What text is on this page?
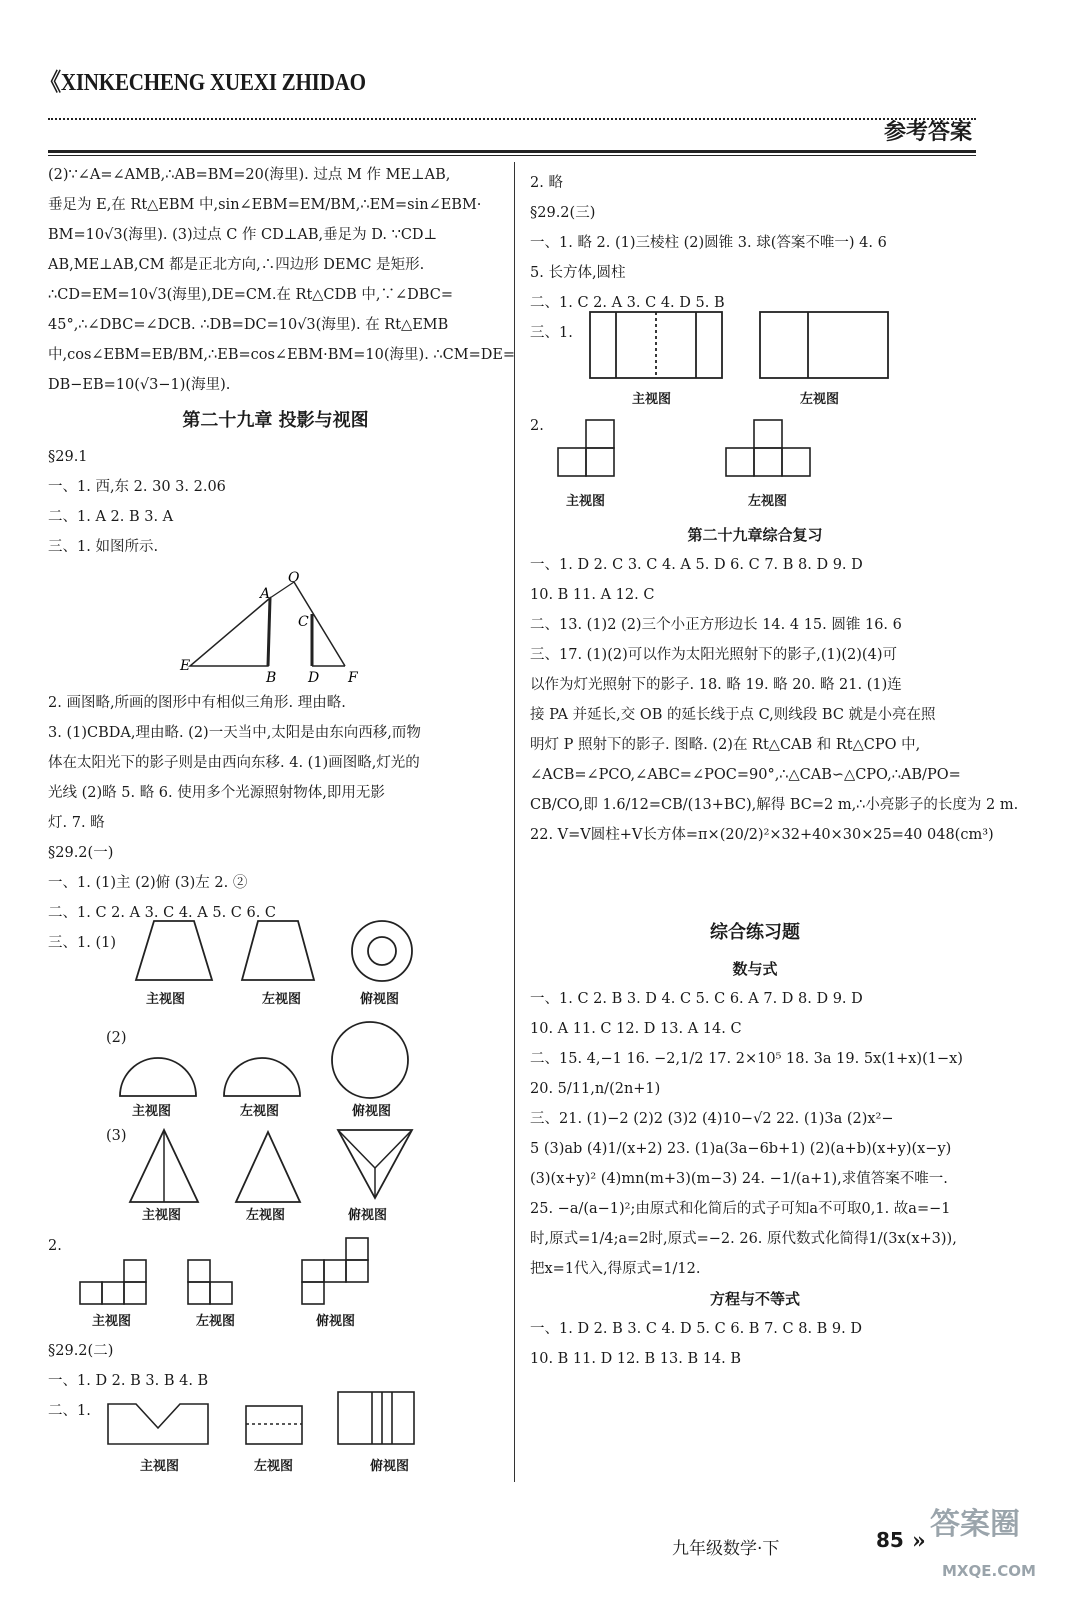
《XINKECHENG XUEXI ZHIDAO
参考答案
(2)∵∠A=∠AMB,∴AB=BM=20(海里). 过点 M 作 ME⊥AB,
垂足为 E,在 Rt△EBM 中,sin∠EBM=EM/BM,∴EM=sin∠EBM·
BM=10√3(海里). (3)过点 C 作 CD⊥AB,垂足为 D. ∵CD⊥
AB,ME⊥AB,CM 都是正北方向,∴四边形 DEMC 是矩形.
∴CD=EM=10√3(海里),DE=CM.在 Rt△CDB 中,∵∠DBC=
45°,∴∠DBC=∠DCB. ∴DB=DC=10√3(海里). 在 Rt△EMB
中,cos∠EBM=EB/BM,∴EB=cos∠EBM·BM=10(海里). ∴CM=DE=
DB−EB=10(√3−1)(海里).
第二十九章 投影与视图
§29.1
一、1. 西,东 2. 30 3. 2.06
二、1. A 2. B 3. A
三、1. 如图所示.
O
A
B
C
D
E
F
2. 画图略,所画的图形中有相似三角形. 理由略.
3. (1)CBDA,理由略. (2)一天当中,太阳是由东向西移,而物
体在太阳光下的影子则是由西向东移. 4. (1)画图略,灯光的
光线 (2)略 5. 略 6. 使用多个光源照射物体,即用无影
灯. 7. 略
§29.2(一)
一、1. (1)主 (2)俯 (3)左 2. ②
二、1. C 2. A 3. C 4. A 5. C 6. C
三、1. (1)
主视图	左视图	俯视图
(2)
主视图	左视图	俯视图
(3)
主视图	左视图	俯视图
2.
主视图	左视图	俯视图
§29.2(二)
一、1. D 2. B 3. B 4. B
二、1.
主视图	左视图	俯视图
2. 略
§29.2(三)
一、1. 略 2. (1)三棱柱 (2)圆锥 3. 球(答案不唯一) 4. 6
5. 长方体,圆柱
二、1. C 2. A 3. C 4. D 5. B
三、1.
主视图	左视图
2.
主视图	左视图
第二十九章综合复习
一、1. D 2. C 3. C 4. A 5. D 6. C 7. B 8. D 9. D
10. B 11. A 12. C
二、13. (1)2 (2)三个小正方形边长 14. 4 15. 圆锥 16. 6
三、17. (1)(2)可以作为太阳光照射下的影子,(1)(2)(4)可
以作为灯光照射下的影子. 18. 略 19. 略 20. 略 21. (1)连
接 PA 并延长,交 OB 的延长线于点 C,则线段 BC 就是小亮在照
明灯 P 照射下的影子. 图略. (2)在 Rt△CAB 和 Rt△CPO 中,
∠ACB=∠PCO,∠ABC=∠POC=90°,∴△CAB∽△CPO,∴AB/PO=
CB/CO,即 1.6/12=CB/(13+BC),解得 BC=2 m,∴小亮影子的长度为 2 m.
22. V=V圆柱+V长方体=π×(20/2)²×32+40×30×25=40 048(cm³)
综合练习题
数与式
一、1. C 2. B 3. D 4. C 5. C 6. A 7. D 8. D 9. D
10. A 11. C 12. D 13. A 14. C
二、15. 4,−1 16. −2,1/2 17. 2×10⁵ 18. 3a 19. 5x(1+x)(1−x)
20. 5/11,n/(2n+1)
三、21. (1)−2 (2)2 (3)2 (4)10−√2 22. (1)3a (2)x²−
5 (3)ab (4)1/(x+2) 23. (1)a(3a−6b+1) (2)(a+b)(x+y)(x−y)
(3)(x+y)² (4)mn(m+3)(m−3) 24. −1/(a+1),求值答案不唯一.
25. −a/(a−1)²;由原式和化简后的式子可知a不可取0,1. 故a=−1
时,原式=1/4;a=2时,原式=−2. 26. 原代数式化简得1/(3x(x+3)),
把x=1代入,得原式=1/12.
方程与不等式
一、1. D 2. B 3. C 4. D 5. C 6. B 7. C 8. B 9. D
10. B 11. D 12. B 13. B 14. B
九年级数学·下	85 » 答案圈
MXQE.COM
